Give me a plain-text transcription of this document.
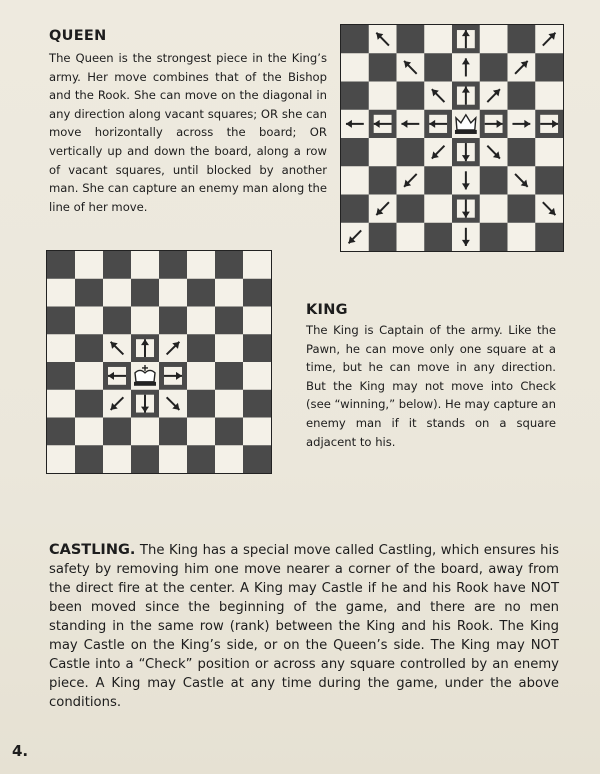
QUEEN
The Queen is the strongest piece in the King’s army. Her move combines that of the Bishop and the Rook. She can move on the diagonal in any direction along vacant squares; OR she can move horizontally across the board; OR vertically up and down the board, along a row of vacant squares, until blocked by another man. She can capture an enemy man along the line of her move.
KING
The King is Captain of the army. Like the Pawn, he can move only one square at a time, but he can move in any direction. But the King may not move into Check (see “winning,” below). He may capture an enemy man if it stands on a square adjacent to his.
CASTLING. The King has a special move called Castling, which ensures his safety by removing him one move nearer a corner of the board, away from the direct fire at the center. A King may Castle if he and his Rook have NOT been moved since the beginning of the game, and there are no men standing in the same row (rank) between the King and his Rook. The King may Castle on the King’s side, or on the Queen’s side. The King may NOT Castle into a “Check” position or across any square controlled by an enemy piece. A King may Castle at any time during the game, under the above conditions.
4.
